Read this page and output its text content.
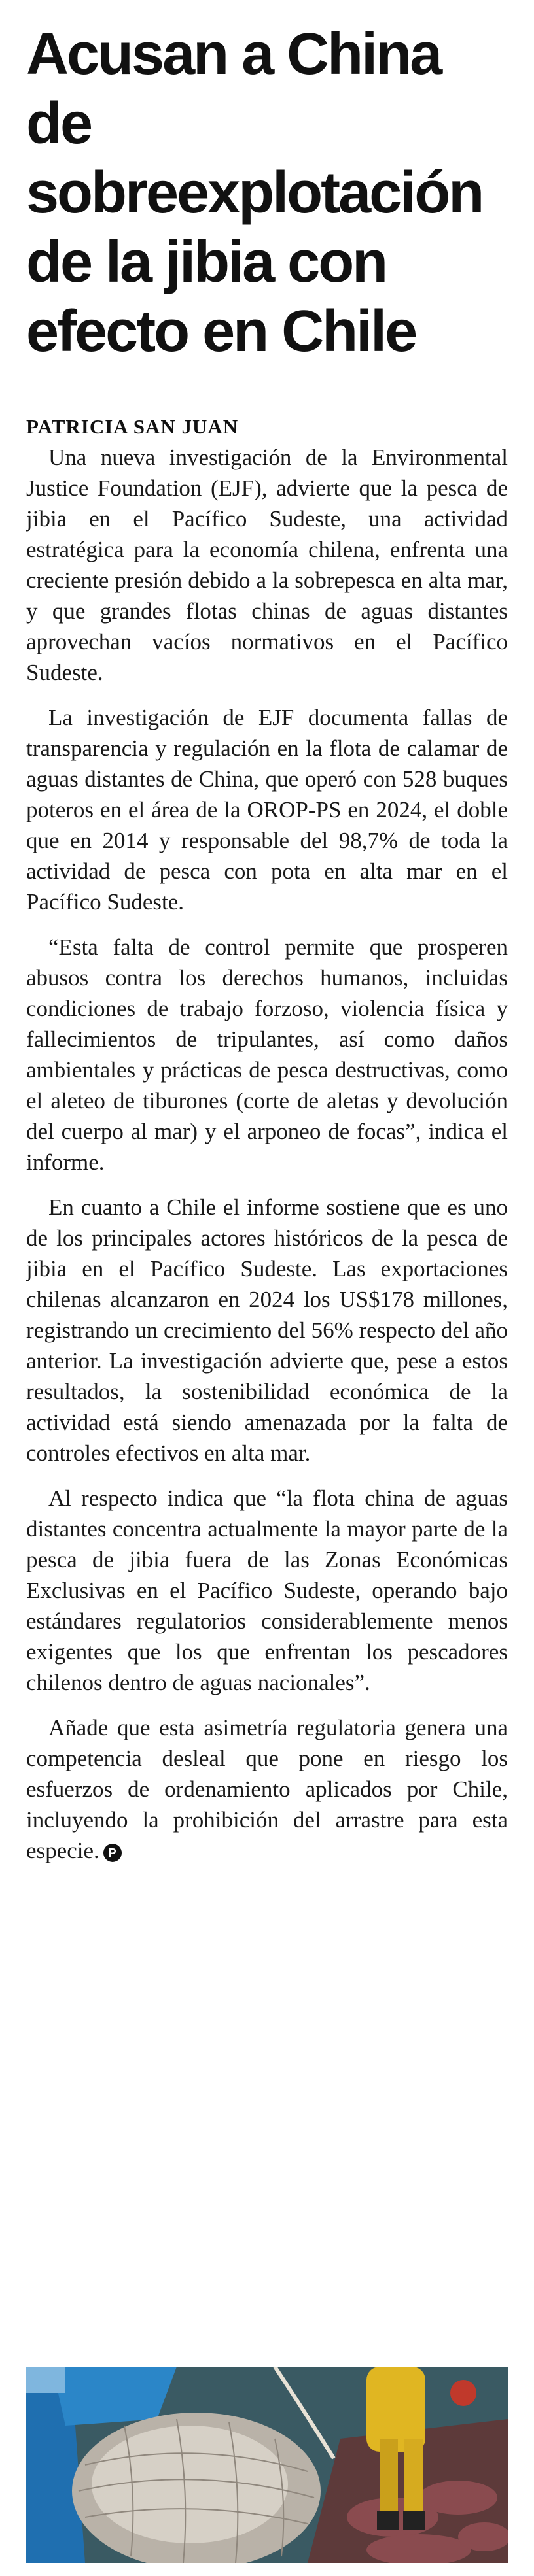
Acusan a China de sobreexplotación de la jibia con efecto en Chile
PATRICIA SAN JUAN

Una nueva investigación de la Environmental Justice Foundation (EJF), advierte que la pesca de jibia en el Pacífico Sudeste, una actividad estratégica para la economía chilena, enfrenta una creciente presión debido a la sobrepesca en alta mar, y que grandes flotas chinas de aguas distantes aprovechan vacíos normativos en el Pacífico Sudeste.

La investigación de EJF documenta fallas de transparencia y regulación en la flota de calamar de aguas distantes de China, que operó con 528 buques poteros en el área de la OROP-PS en 2024, el doble que en 2014 y responsable del 98,7% de toda la actividad de pesca con pota en alta mar en el Pacífico Sudeste.

“Esta falta de control permite que prosperen abusos contra los derechos humanos, incluidas condiciones de trabajo forzoso, violencia física y fallecimientos de tripulantes, así como daños ambientales y prácticas de pesca destructivas, como el aleteo de tiburones (corte de aletas y devolución del cuerpo al mar) y el arponeo de focas”, indica el informe.

En cuanto a Chile el informe sostiene que es uno de los principales actores históricos de la pesca de jibia en el Pacífico Sudeste. Las exportaciones chilenas alcanzaron en 2024 los US$178 millones, registrando un crecimiento del 56% respecto del año anterior. La investigación advierte que, pese a estos resultados, la sostenibilidad económica de la actividad está siendo amenazada por la falta de controles efectivos en alta mar.

Al respecto indica que “la flota china de aguas distantes concentra actualmente la mayor parte de la pesca de jibia fuera de las Zonas Económicas Exclusivas en el Pacífico Sudeste, operando bajo estándares regulatorios considerablemente menos exigentes que los que enfrentan los pescadores chilenos dentro de aguas nacionales”.

Añade que esta asimetría regulatoria genera una competencia desleal que pone en riesgo los esfuerzos de ordenamiento aplicados por Chile, incluyendo la prohibición del arrastre para esta especie. P
